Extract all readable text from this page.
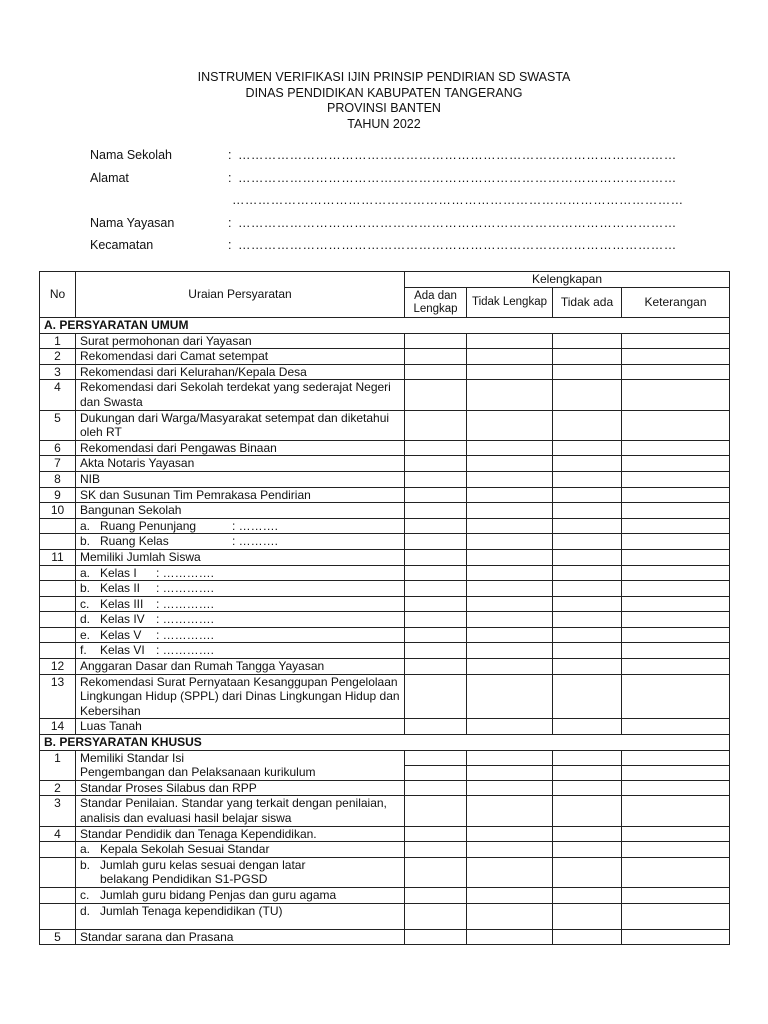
INSTRUMEN VERIFIKASI IJIN PRINSIP PENDIRIAN SD SWASTA
DINAS PENDIDIKAN KABUPATEN TANGERANG
PROVINSI BANTEN
TAHUN 2022
Nama Sekolah	: …………………………………………………………………………………………
Alamat	: …………………………………………………………………………………………
……………………………………………………………………………………………
Nama Yayasan	: …………………………………………………………………………………………
Kecamatan	: …………………………………………………………………………………………
No	Uraian Persyaratan	Kelengkapan			
		Ada dan Lengkap	Tidak Lengkap	Tidak ada	Keterangan
A. PERSYARATAN UMUM					
1	Surat permohonan dari Yayasan				
2	Rekomendasi dari Camat setempat				
3	Rekomendasi dari Kelurahan/Kepala Desa				
4	Rekomendasi dari Sekolah terdekat yang sederajat Negeri dan Swasta				
5	Dukungan dari Warga/Masyarakat setempat dan diketahui oleh RT				
6	Rekomendasi dari Pengawas Binaan				
7	Akta Notaris Yayasan				
8	NIB				
9	SK dan Susunan Tim Pemrakasa Pendirian				
10	Bangunan Sekolah				
	a. Ruang Penunjang : ……….				
	b. Ruang Kelas : ……….				
11	Memiliki Jumlah Siswa				
	a. Kelas I : ………….				
	b. Kelas II : ………….				
	c. Kelas III : ………….				
	d. Kelas IV : ………….				
	e. Kelas V : ………….				
	f. Kelas VI : ………….				
12	Anggaran Dasar dan Rumah Tangga Yayasan				
13	Rekomendasi Surat Pernyataan Kesanggupan Pengelolaan Lingkungan Hidup (SPPL) dari Dinas Lingkungan Hidup dan Kebersihan				
14	Luas Tanah				
B. PERSYARATAN KHUSUS					
1	Memiliki Standar Isi				
	Pengembangan dan Pelaksanaan kurikulum				
2	Standar Proses Silabus dan RPP				
3	Standar Penilaian. Standar yang terkait dengan penilaian, analisis dan evaluasi hasil belajar siswa				
4	Standar Pendidik dan Tenaga Kependidikan.				
	a. Kepala Sekolah Sesuai Standar				
	b. Jumlah guru kelas sesuai dengan latar belakang Pendidikan S1-PGSD				
	c. Jumlah guru bidang Penjas dan guru agama				
	d. Jumlah Tenaga kependidikan (TU)				
5	Standar sarana dan Prasana				
